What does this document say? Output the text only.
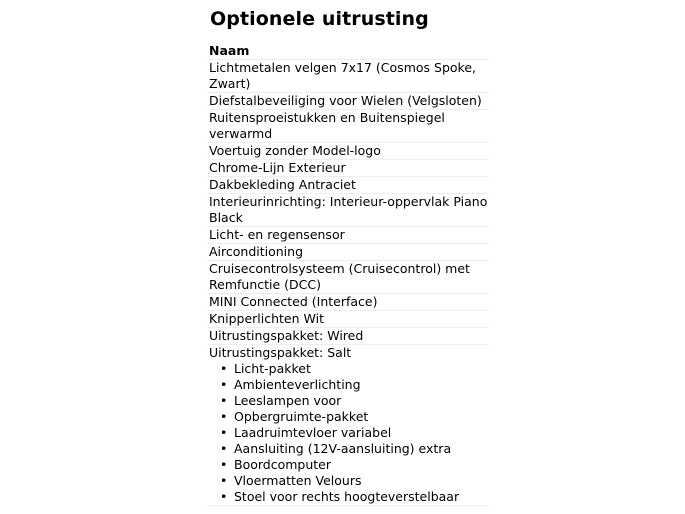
Optionele uitrusting
Naam
Lichtmetalen velgen 7x17 (Cosmos Spoke, Zwart)
Diefstalbeveiliging voor Wielen (Velgsloten)
Ruitensproeistukken en Buitenspiegel verwarmd
Voertuig zonder Model-logo
Chrome-Lijn Exterieur
Dakbekleding Antraciet
Interieurinrichting: Interieur-oppervlak Piano Black
Licht- en regensensor
Airconditioning
Cruisecontrolsysteem (Cruisecontrol) met Remfunctie (DCC)
MINI Connected (Interface)
Knipperlichten Wit
Uitrustingspakket: Wired
Uitrustingspakket: Salt
• Licht-pakket
• Ambienteverlichting
• Leeslampen voor
• Opbergruimte-pakket
• Laadruimtevloer variabel
• Aansluiting (12V-aansluiting) extra
• Boordcomputer
• Vloermatten Velours
• Stoel voor rechts hoogteverstelbaar
